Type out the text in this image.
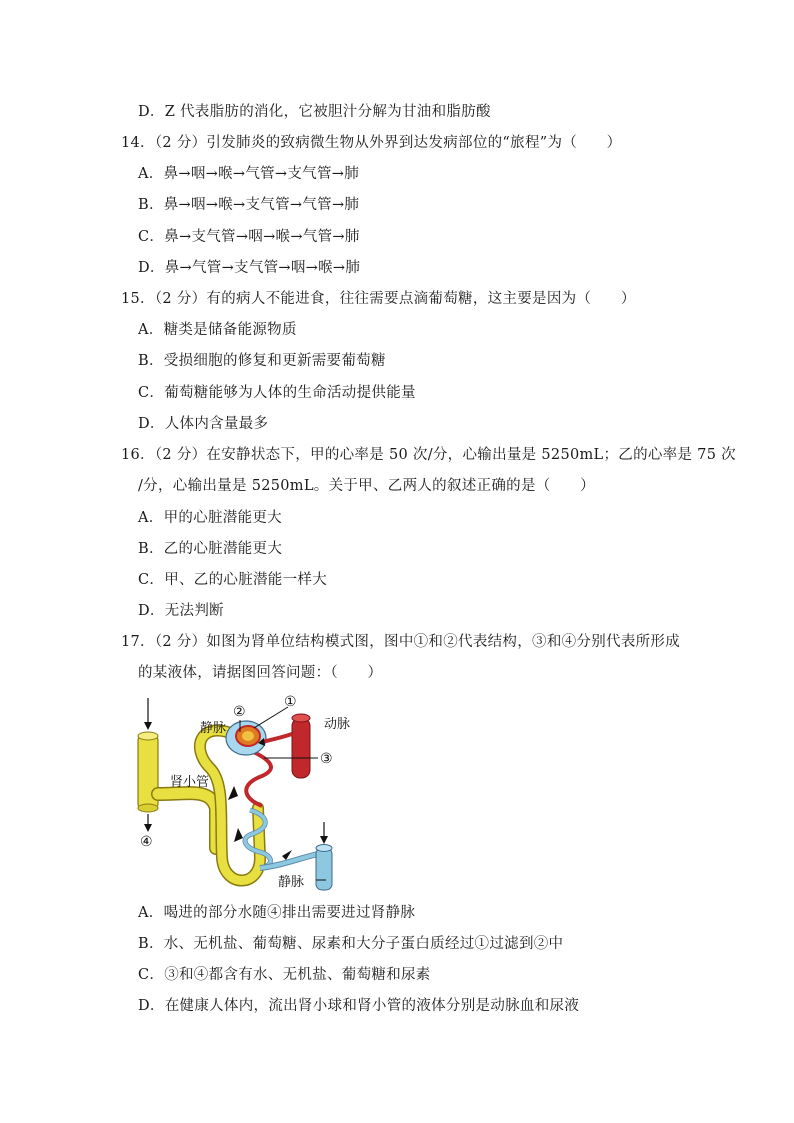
D．Z 代表脂肪的消化，它被胆汁分解为甘油和脂肪酸
14．（2 分）引发肺炎的致病微生物从外界到达发病部位的“旅程”为（　　）
A．鼻→咽→喉→气管→支气管→肺
B．鼻→咽→喉→支气管→气管→肺
C．鼻→支气管→咽→喉→气管→肺
D．鼻→气管→支气管→咽→喉→肺
15．（2 分）有的病人不能进食，往往需要点滴葡萄糖，这主要是因为（　　）
A．糖类是储备能源物质
B．受损细胞的修复和更新需要葡萄糖
C．葡萄糖能够为人体的生命活动提供能量
D．人体内含量最多
16．（2 分）在安静状态下，甲的心率是 50 次/分，心输出量是 5250mL；乙的心率是 75 次
/分，心输出量是 5250mL。关于甲、乙两人的叙述正确的是（　　）
A．甲的心脏潜能更大
B．乙的心脏潜能更大
C．甲、乙的心脏潜能一样大
D．无法判断
17．（2 分）如图为肾单位结构模式图，图中①和②代表结构，③和④分别代表所形成
的某液体，请据图回答问题：（　　）
静脉	动脉
肾小管
静脉
①
②
③
④
A．喝进的部分水随④排出需要进过肾静脉
B．水、无机盐、葡萄糖、尿素和大分子蛋白质经过①过滤到②中
C．③和④都含有水、无机盐、葡萄糖和尿素
D．在健康人体内，流出肾小球和肾小管的液体分别是动脉血和尿液
